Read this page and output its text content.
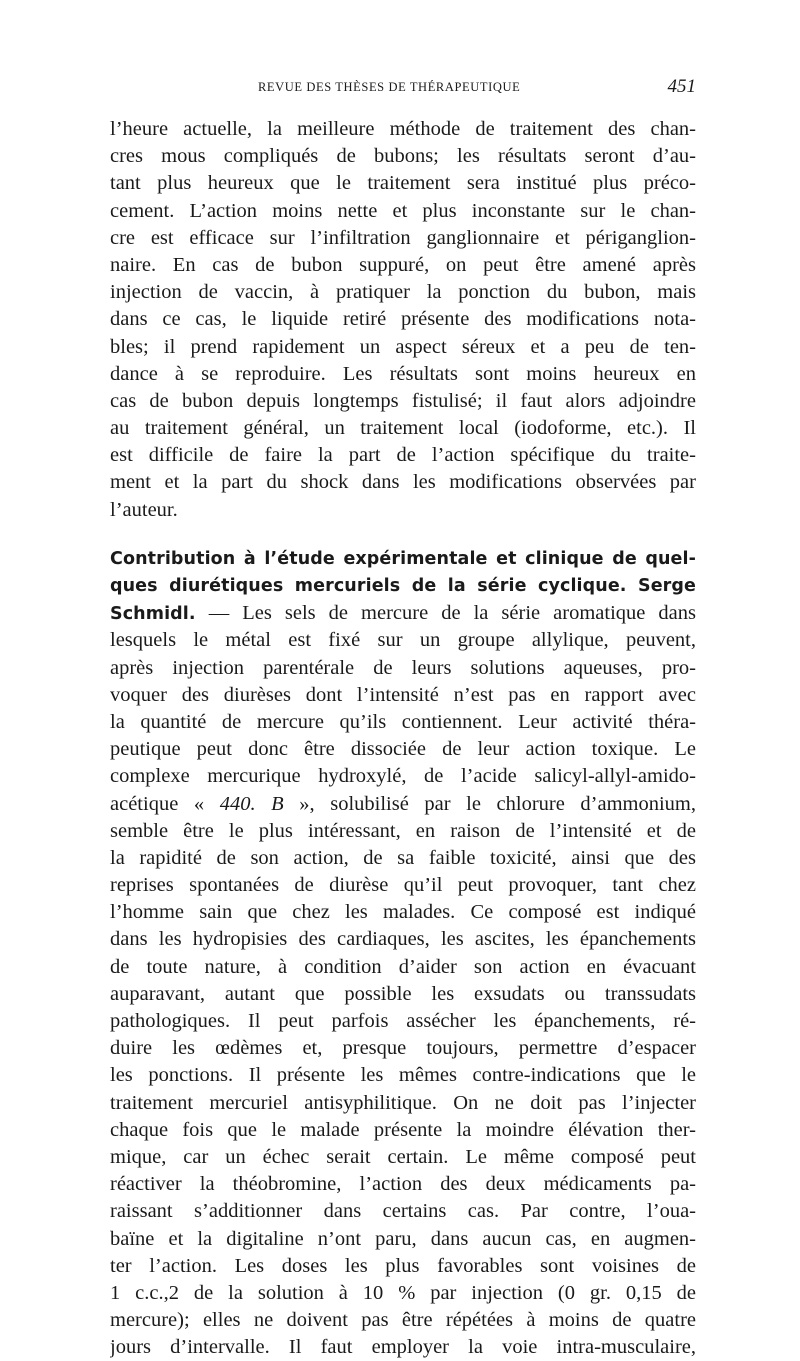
REVUE DES THÈSES DE THÉRAPEUTIQUE	451
l’heure actuelle, la meilleure méthode de traitement des chan-
cres mous compliqués de bubons; les résultats seront d’au-
tant plus heureux que le traitement sera institué plus préco-
cement. L’action moins nette et plus inconstante sur le chan-
cre est efficace sur l’infiltration ganglionnaire et périganglion-
naire. En cas de bubon suppuré, on peut être amené après
injection de vaccin, à pratiquer la ponction du bubon, mais
dans ce cas, le liquide retiré présente des modifications nota-
bles; il prend rapidement un aspect séreux et a peu de ten-
dance à se reproduire. Les résultats sont moins heureux en
cas de bubon depuis longtemps fistulisé; il faut alors adjoindre
au traitement général, un traitement local (iodoforme, etc.). Il
est difficile de faire la part de l’action spécifique du traite-
ment et la part du shock dans les modifications observées par
l’auteur.
Contribution à l’étude expérimentale et clinique de quel-
ques diurétiques mercuriels de la série cyclique. Serge
Schmidl. — Les sels de mercure de la série aromatique dans
lesquels le métal est fixé sur un groupe allylique, peuvent,
après injection parentérale de leurs solutions aqueuses, pro-
voquer des diurèses dont l’intensité n’est pas en rapport avec
la quantité de mercure qu’ils contiennent. Leur activité théra-
peutique peut donc être dissociée de leur action toxique. Le
complexe mercurique hydroxylé, de l’acide salicyl-allyl-amido-
acétique « 440. B », solubilisé par le chlorure d’ammonium,
semble être le plus intéressant, en raison de l’intensité et de
la rapidité de son action, de sa faible toxicité, ainsi que des
reprises spontanées de diurèse qu’il peut provoquer, tant chez
l’homme sain que chez les malades. Ce composé est indiqué
dans les hydropisies des cardiaques, les ascites, les épanchements
de toute nature, à condition d’aider son action en évacuant
auparavant, autant que possible les exsudats ou transsudats
pathologiques. Il peut parfois assécher les épanchements, ré-
duire les œdèmes et, presque toujours, permettre d’espacer
les ponctions. Il présente les mêmes contre-indications que le
traitement mercuriel antisyphilitique. On ne doit pas l’injecter
chaque fois que le malade présente la moindre élévation ther-
mique, car un échec serait certain. Le même composé peut
réactiver la théobromine, l’action des deux médicaments pa-
raissant s’additionner dans certains cas. Par contre, l’oua-
baïne et la digitaline n’ont paru, dans aucun cas, en augmen-
ter l’action. Les doses les plus favorables sont voisines de
1 c.c.,2 de la solution à 10 % par injection (0 gr. 0,15 de
mercure); elles ne doivent pas être répétées à moins de quatre
jours d’intervalle. Il faut employer la voie intra-musculaire,
